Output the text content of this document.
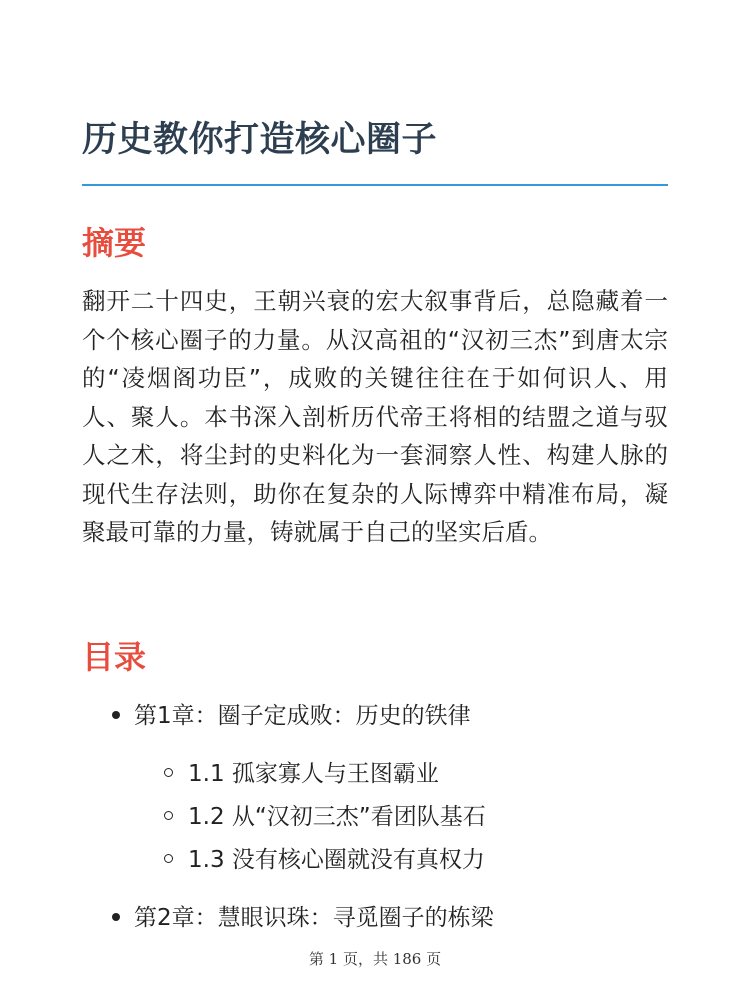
历史教你打造核心圈子
摘要

翻开二十四史，王朝兴衰的宏大叙事背后，总隐藏着一个个核心圈子的力量。从汉高祖的“汉初三杰”到唐太宗的“凌烟阁功臣”，成败的关键往往在于如何识人、用人、聚人。本书深入剖析历代帝王将相的结盟之道与驭人之术，将尘封的史料化为一套洞察人性、构建人脉的现代生存法则，助你在复杂的人际博弈中精准布局，凝聚最可靠的力量，铸就属于自己的坚实后盾。

目录
第1章：圈子定成败：历史的铁律
1.1 孤家寡人与王图霸业
1.2 从“汉初三杰”看团队基石
1.3 没有核心圈就没有真权力
第2章：慧眼识珠：寻觅圈子的栋梁
第 1 页，共 186 页
